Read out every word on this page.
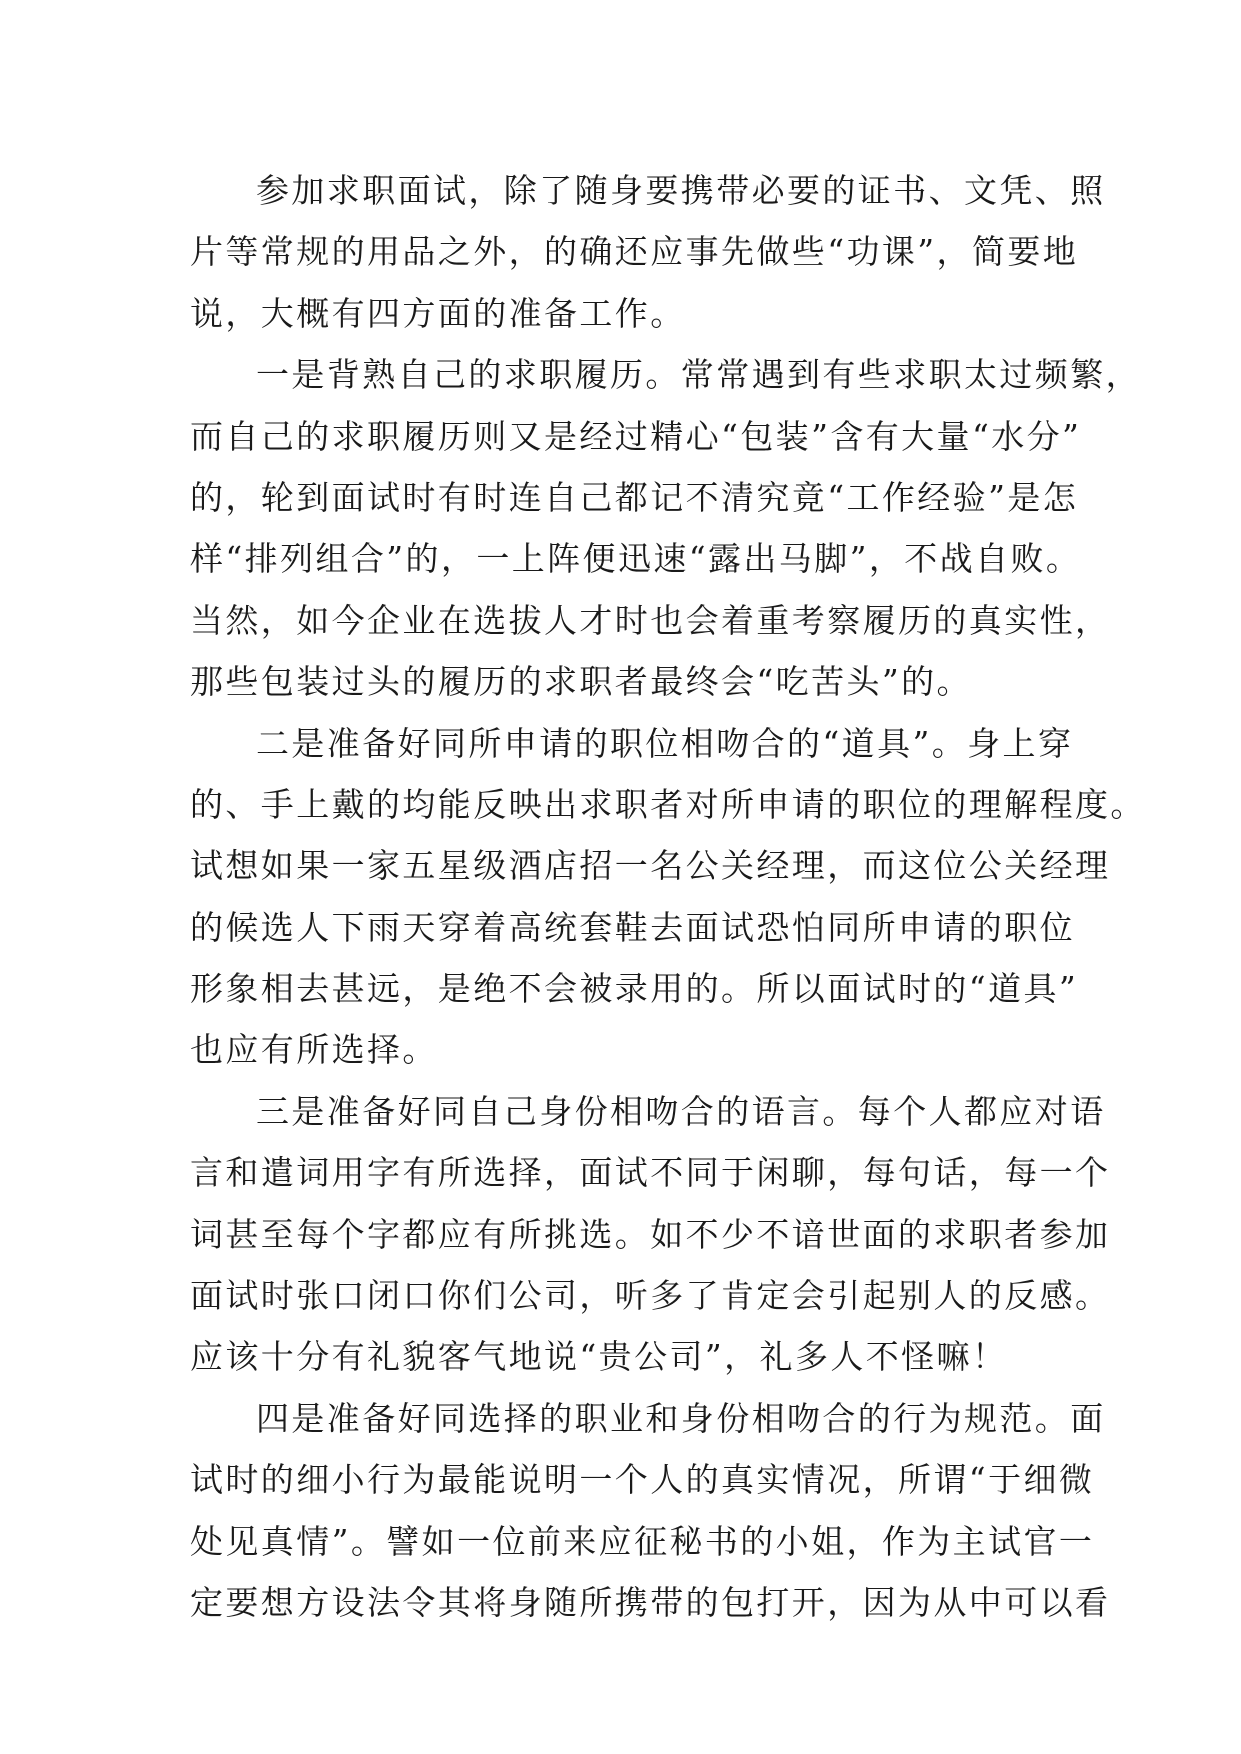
参加求职面试，除了随身要携带必要的证书、文凭、照
片等常规的用品之外，的确还应事先做些“功课”，简要地
说，大概有四方面的准备工作。
一是背熟自己的求职履历。常常遇到有些求职太过频繁，
而自己的求职履历则又是经过精心“包装”含有大量“水分”
的，轮到面试时有时连自己都记不清究竟“工作经验”是怎
样“排列组合”的，一上阵便迅速“露出马脚”，不战自败。
当然，如今企业在选拔人才时也会着重考察履历的真实性，
那些包装过头的履历的求职者最终会“吃苦头”的。
二是准备好同所申请的职位相吻合的“道具”。身上穿
的、手上戴的均能反映出求职者对所申请的职位的理解程度。
试想如果一家五星级酒店招一名公关经理，而这位公关经理
的候选人下雨天穿着高统套鞋去面试恐怕同所申请的职位
形象相去甚远，是绝不会被录用的。所以面试时的“道具”
也应有所选择。
三是准备好同自己身份相吻合的语言。每个人都应对语
言和遣词用字有所选择，面试不同于闲聊，每句话，每一个
词甚至每个字都应有所挑选。如不少不谙世面的求职者参加
面试时张口闭口你们公司，听多了肯定会引起别人的反感。
应该十分有礼貌客气地说“贵公司”，礼多人不怪嘛！
四是准备好同选择的职业和身份相吻合的行为规范。面
试时的细小行为最能说明一个人的真实情况，所谓“于细微
处见真情”。譬如一位前来应征秘书的小姐，作为主试官一
定要想方设法令其将身随所携带的包打开，因为从中可以看
